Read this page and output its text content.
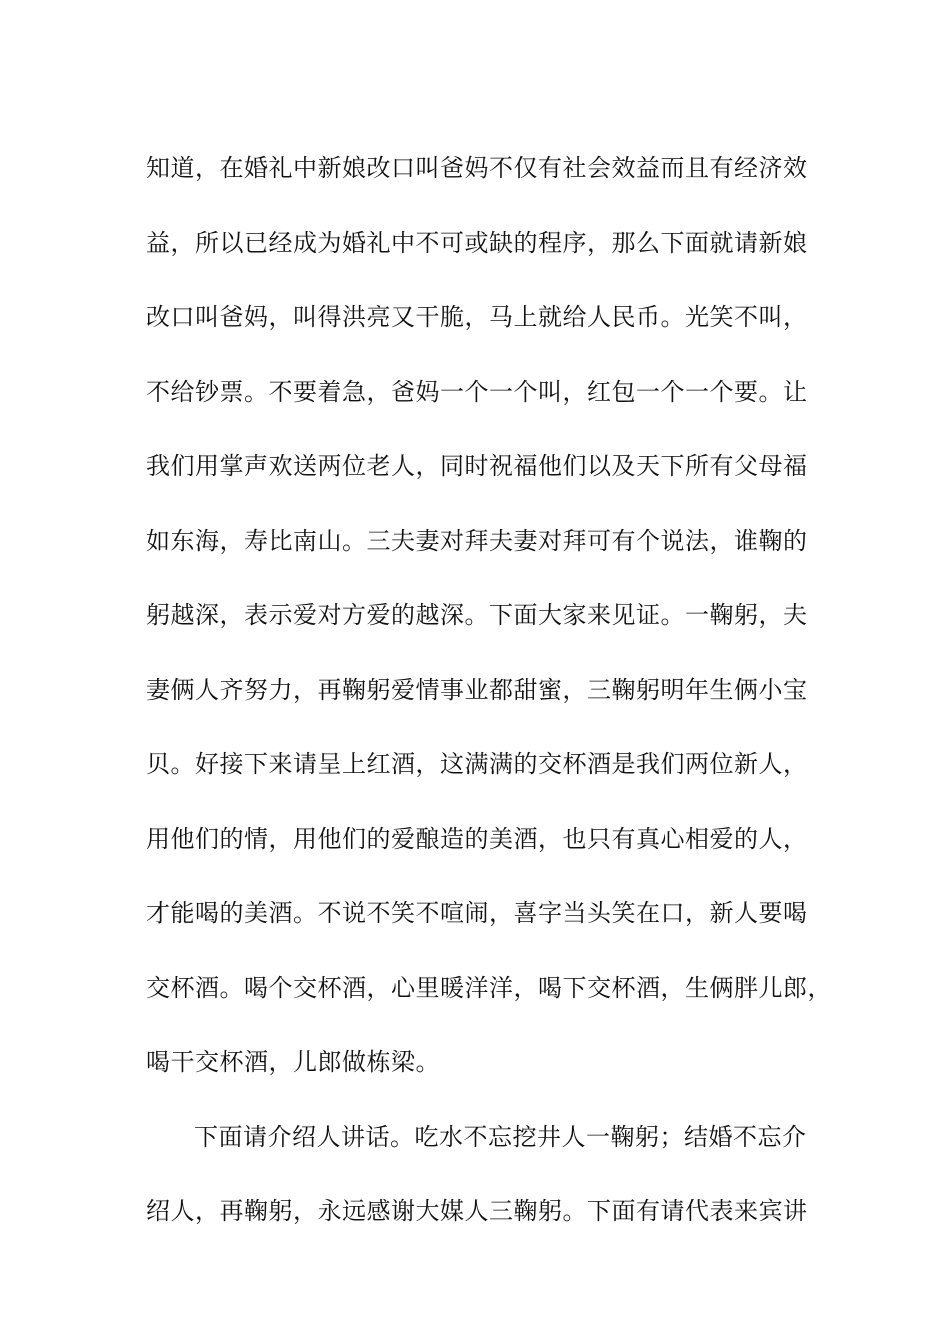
知道，在婚礼中新娘改口叫爸妈不仅有社会效益而且有经济效
益，所以已经成为婚礼中不可或缺的程序，那么下面就请新娘
改口叫爸妈，叫得洪亮又干脆，马上就给人民币。光笑不叫，
不给钞票。不要着急，爸妈一个一个叫，红包一个一个要。让
我们用掌声欢送两位老人，同时祝福他们以及天下所有父母福
如东海，寿比南山。三夫妻对拜夫妻对拜可有个说法，谁鞠的
躬越深，表示爱对方爱的越深。下面大家来见证。一鞠躬，夫
妻俩人齐努力，再鞠躬爱情事业都甜蜜，三鞠躬明年生俩小宝
贝。好接下来请呈上红酒，这满满的交杯酒是我们两位新人，
用他们的情，用他们的爱酿造的美酒，也只有真心相爱的人，
才能喝的美酒。不说不笑不喧闹，喜字当头笑在口，新人要喝
交杯酒。喝个交杯酒，心里暖洋洋，喝下交杯酒，生俩胖儿郎，
喝干交杯酒，儿郎做栋梁。
下面请介绍人讲话。吃水不忘挖井人一鞠躬；结婚不忘介
绍人，再鞠躬，永远感谢大媒人三鞠躬。下面有请代表来宾讲
